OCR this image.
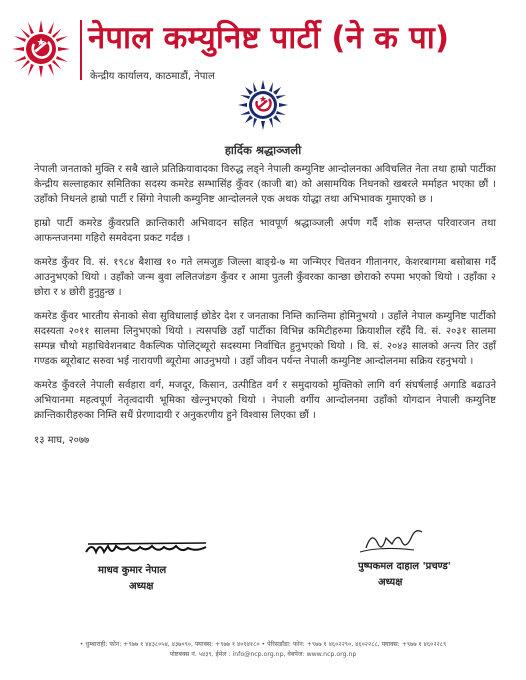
नेपाल कम्युनिष्ट पार्टी (ने क पा)
केन्द्रीय कार्यालय, काठमाडौं, नेपाल
हार्दिक श्रद्धाञ्जली

नेपाली जनताको मुक्ति र सबै खाले प्रतिक्रियावादका विरुद्ध लड्ने नेपाली कम्युनिष्ट आन्दोलनका अविचलित नेता तथा हाम्रो पार्टीका केन्द्रीय सल्लाहकार समितिका सदस्य कमरेड सम्भासिंह कुँवर (काजी बा) को असामयिक निधनको खबरले मर्माहत भएका छौं । उहाँको निधनले हाम्रो पार्टी र सिंगो नेपाली कम्युनिष्ट आन्दोलनले एक अथक योद्धा तथा अभिभावक गुमाएको छ ।

हाम्रो पार्टी कमरेड कुँवरप्रति क्रान्तिकारी अभिवादन सहित भावपूर्ण श्रद्धाञ्जली अर्पण गर्दै शोक सन्तप्त परिवारजन तथा आफन्तजनमा गहिरो समवेदना प्रकट गर्दछ ।

कमरेड कुँवर वि. सं. १९८४ बैशाख १० गते लमजुङ जिल्ला बाङ्ग्रे-७ मा जन्मिएर चितवन गीतानगर, केशरबागमा बसोबास गर्दै आउनुभएको थियो । उहाँको जन्म बुवा ललितजंङग कुँवर र आमा पुतली कुँवरका कान्छा छोराको रुपमा भएको थियो । उहाँका २ छोरा र ४ छोरी हुनुहुन्छ ।

कमरेड कुँवर भारतीय सेनाको सेवा सुविधालाई छोडेर देश र जनताका निम्ति कान्तिमा होमिनुभयो । उहाँले नेपाल कम्युनिष्ट पार्टीको सदस्यता २०११ सालमा लिनुभएको थियो । त्यसपछि उहाँ पार्टीका विभिन्न कमिटीहरुमा क्रियाशील रहँदै वि. सं. २०३१ सालमा सम्पन्न चौथो महाधिवेशनबाट वैकल्पिक पोलिट्ब्यूरो सदस्यमा निर्वाचित हुनुभएको थियो । वि. सं. २०४३ सालको अन्त्य तिर उहाँ गण्डक ब्यूरोबाट सरुवा भई नारायणी ब्यूरोमा आउनुभयो । उहाँ जीवन पर्यन्त नेपाली कम्युनिष्ट आन्दोलनमा सक्रिय रहनुभयो ।

कमरेड कुँवरले नेपाली सर्वहारा वर्ग, मजदूर, किसान, उत्पीडित वर्ग र समुदायको मुक्तिको लागि वर्ग संघर्षलाई अगाडि बढाउने अभियानमा महत्वपूर्ण नेतृत्वदायी भूमिका खेल्नुभएको थियो । नेपाली वर्गीय आन्दोलनमा उहाँको योगदान नेपाली कम्युनिष्ट क्रान्तिकारीहरुका निम्ति सधैं प्रेरणादायी र अनुकरणीय हुने विश्वास लिएका छौं ।

१३ माघ, २०७७
माधव कुमार नेपाल
अध्यक्ष
पुष्पकमल दाहाल 'प्रचण्ड'
अध्यक्ष
• धुम्बाराही: फोन: +९७७ १ ४४३८०५४, ४३७०९०, फ्याक्स: +९७७ १ ४०१४१८० • पेरिसडाँडा: फोन: +९७७ १ ४६०२२९०, ४६०२२८८, फ्याक्स: +९७७ १ ४६०२२८९
पोष्टबक्स नं. ५४३९, ईमेल : info@ncp.org.np, वेबपेज: www.ncp.org.np
